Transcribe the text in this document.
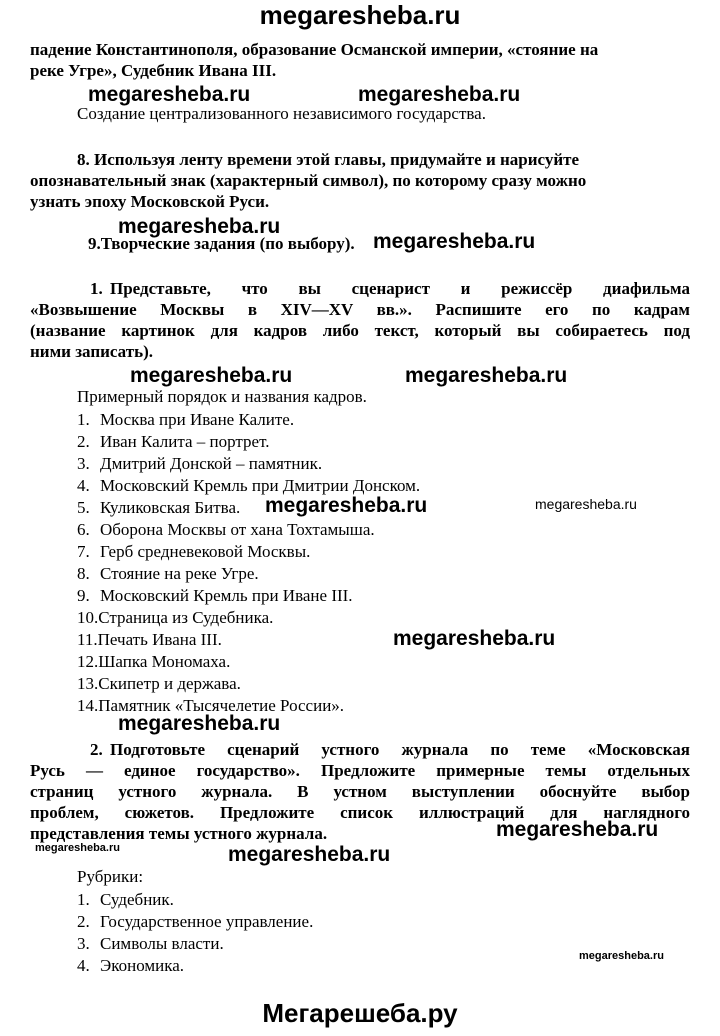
megaresheba.ru
Мегарешеба.ру
падение Константинополя, образование Османской империи, «стояние на
реке Угре», Судебник Ивана III.
megaresheba.ru	megaresheba.ru
Создание централизованного независимого государства.
8. Используя ленту времени этой главы, придумайте и нарисуйте
опознавательный знак (характерный символ), по которому сразу можно
узнать эпоху Московской Руси.
megaresheba.ru
9.Творческие задания (по выбору). megaresheba.ru
1. Представьте, что вы сценарист и режиссёр диафильма
«Возвышение Москвы в XIV—XV вв.». Распишите его по кадрам
(название картинок для кадров либо текст, который вы собираетесь под
ними записать).
megaresheba.ru	megaresheba.ru
Примерный порядок и названия кадров.
1. Москва при Иване Калите.
2. Иван Калита – портрет.
3. Дмитрий Донской – памятник.
4. Московский Кремль при Дмитрии Донском.
5. Куликовская Битва.
6. Оборона Москвы от хана Тохтамыша.
7. Герб средневековой Москвы.
8. Стояние на реке Угре.
9. Московский Кремль при Иване III.
10.Страница из Судебника.
11.Печать Ивана III.
12.Шапка Мономаха.
13.Скипетр и держава.
14.Памятник «Тысячелетие России».
megaresheba.ru	megaresheba.ru
megaresheba.ru
megaresheba.ru
2. Подготовьте сценарий устного журнала по теме «Московская
Русь — единое государство». Предложите примерные темы отдельных
страниц устного журнала. В устном выступлении обоснуйте выбор
проблем, сюжетов. Предложите список иллюстраций для наглядного
представления темы устного журнала.	megaresheba.ru
megaresheba.ru	megaresheba.ru
Рубрики:
1. Судебник.
2. Государственное управление.
3. Символы власти.
4. Экономика.	megaresheba.ru
